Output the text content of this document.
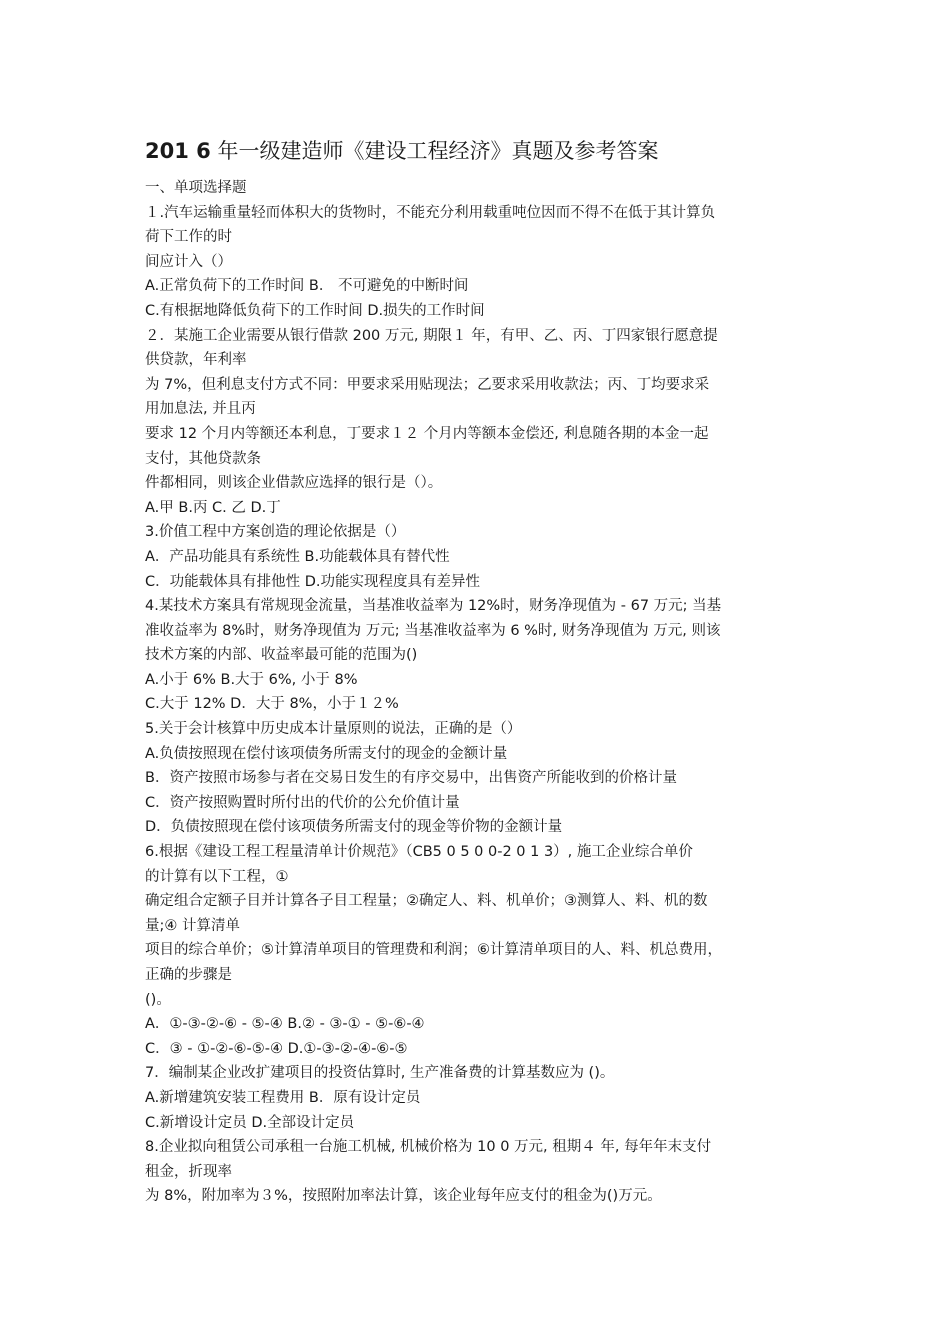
201 6 年一级建造师《建设工程经济》真题及参考答案
一、单项选择题
１.汽车运输重量轻而体积大的货物时，不能充分利用载重吨位因而不得不在低于其计算负
荷下工作的时
间应计入（）
A.正常负荷下的工作时间 B． 不可避免的中断时间
C.有根据地降低负荷下的工作时间 D.损失的工作时间
２．某施工企业需要从银行借款 200 万元, 期限１ 年，有甲、乙、丙、丁四家银行愿意提
供贷款，年利率
为 7%，但利息支付方式不同：甲要求采用贴现法；乙要求采用收款法；丙、丁均要求采
用加息法, 并且丙
要求 12 个月内等额还本利息，丁要求１２ 个月内等额本金偿还, 利息随各期的本金一起
支付，其他贷款条
件都相同，则该企业借款应选择的银行是（）。
A.甲 B.丙 C. 乙 D.丁
3.价值工程中方案创造的理论依据是（）
A．产品功能具有系统性 B.功能载体具有替代性
C．功能载体具有排他性 D.功能实现程度具有差异性
4.某技术方案具有常规现金流量，当基准收益率为 12%时，财务净现值为 - 67 万元; 当基
准收益率为 8%时，财务净现值为 万元; 当基准收益率为 6 %时, 财务净现值为 万元, 则该
技术方案的内部、收益率最可能的范围为()
A.小于 6% B.大于 6%, 小于 8%
C.大于 12% D．大于 8%，小于１２%
5.关于会计核算中历史成本计量原则的说法，正确的是（）
A.负债按照现在偿付该项债务所需支付的现金的金额计量
B．资产按照市场参与者在交易日发生的有序交易中，出售资产所能收到的价格计量
C．资产按照购置时所付出的代价的公允价值计量
D．负债按照现在偿付该项债务所需支付的现金等价物的金额计量
6.根据《建设工程工程量清单计价规范》（CB5 0 5 0 0-2 0 1 3）, 施工企业综合单价
的计算有以下工程，①
确定组合定额子目并计算各子目工程量；②确定人、料、机单价；③测算人、料、机的数
量;④ 计算清单
项目的综合单价；⑤计算清单项目的管理费和利润；⑥计算清单项目的人、料、机总费用，
正确的步骤是
()。
A．①-③-②-⑥ - ⑤-④ B.② - ③-① - ⑤-⑥-④
C．③ - ①-②-⑥-⑤-④ D.①-③-②-④-⑥-⑤
7．编制某企业改扩建项目的投资估算时, 生产准备费的计算基数应为 ()。
A.新增建筑安装工程费用 B．原有设计定员
C.新增设计定员 D.全部设计定员
8.企业拟向租赁公司承租一台施工机械, 机械价格为 10 0 万元, 租期４ 年, 每年年末支付
租金，折现率
为 8%，附加率为３%，按照附加率法计算，该企业每年应支付的租金为()万元。
